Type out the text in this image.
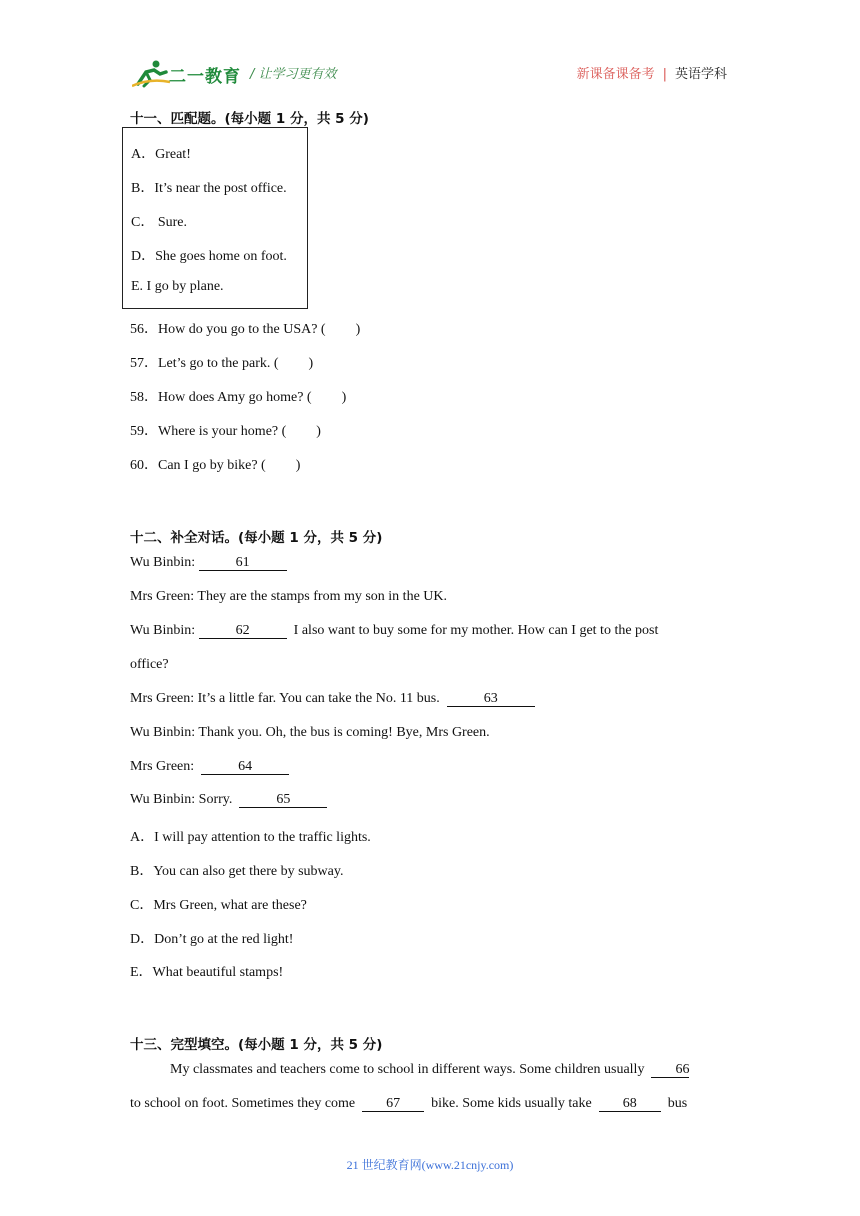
二一教育 / 让学习更有效	新课备课备考 | 英语学科
十一、匹配题。(每小题 1 分，共 5 分)
A．Great!
B．It’s near the post office.
C． Sure.
D．She goes home on foot.
E. I go by plane.
56．How do you go to the USA? ( )
57．Let’s go to the park. ( )
58．How does Amy go home? ( )
59．Where is your home? ( )
60．Can I go by bike? ( )
十二、补全对话。(每小题 1 分，共 5 分)
Wu Binbin:	61
Mrs Green: They are the stamps from my son in the UK.
Wu Binbin:	62	I also want to buy some for my mother. How can I get to the post
office?
Mrs Green: It’s a little far. You can take the No. 11 bus.	63
Wu Binbin: Thank you. Oh, the bus is coming! Bye, Mrs Green.
Mrs Green:	64
Wu Binbin: Sorry.	65
A．I will pay attention to the traffic lights.
B．You can also get there by subway.
C．Mrs Green, what are these?
D．Don’t go at the red light!
E．What beautiful stamps!
十三、完型填空。(每小题 1 分，共 5 分)
My classmates and teachers come to school in different ways. Some children usually 66
to school on foot. Sometimes they come 67 bike. Some kids usually take 68 bus
21 世纪教育网(www.21cnjy.com)
